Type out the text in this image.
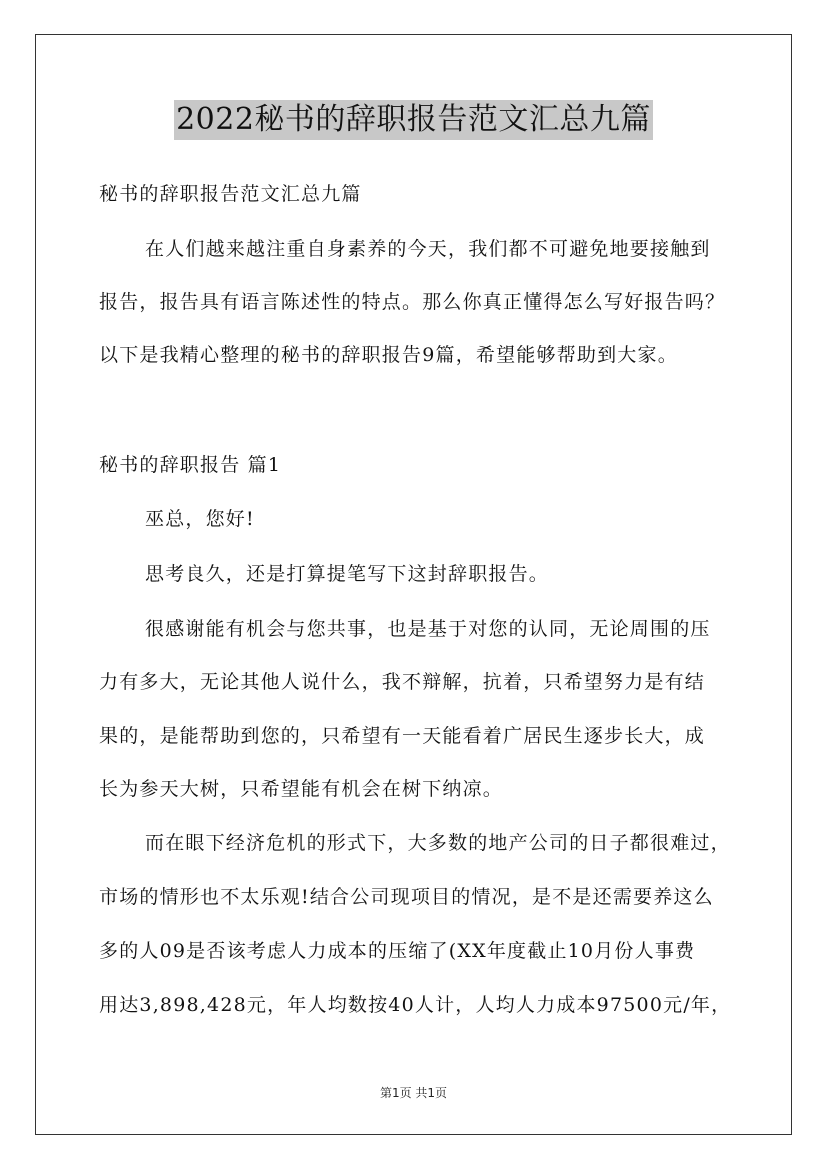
2022秘书的辞职报告范文汇总九篇
秘书的辞职报告范文汇总九篇
在人们越来越注重自身素养的今天，我们都不可避免地要接触到
报告，报告具有语言陈述性的特点。那么你真正懂得怎么写好报告吗？
以下是我精心整理的秘书的辞职报告9篇，希望能够帮助到大家。
秘书的辞职报告 篇1
巫总，您好!
思考良久，还是打算提笔写下这封辞职报告。
很感谢能有机会与您共事，也是基于对您的认同，无论周围的压
力有多大，无论其他人说什么，我不辩解，抗着，只希望努力是有结
果的，是能帮助到您的，只希望有一天能看着广居民生逐步长大，成
长为参天大树，只希望能有机会在树下纳凉。
而在眼下经济危机的形式下，大多数的地产公司的日子都很难过，
市场的情形也不太乐观!结合公司现项目的情况，是不是还需要养这么
多的人09是否该考虑人力成本的压缩了(XX年度截止10月份人事费
用达3,898,428元，年人均数按40人计，人均人力成本97500元/年，
第1页 共1页
